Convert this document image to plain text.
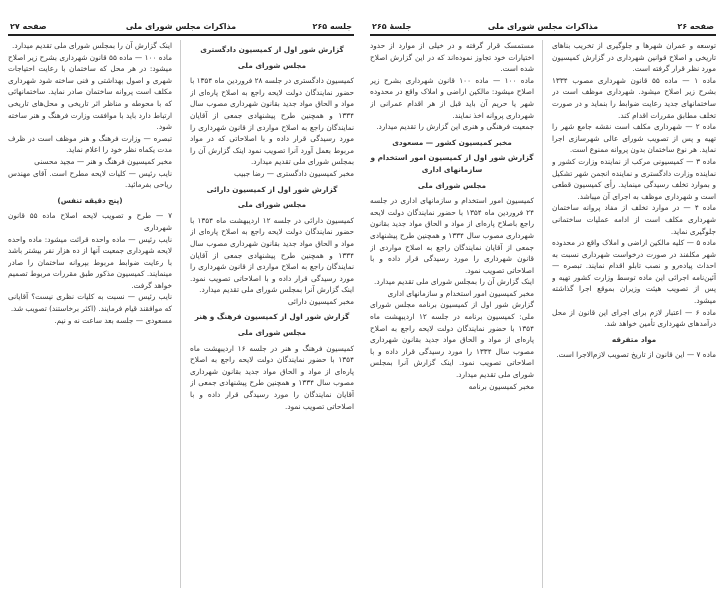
جلسه ۲۶۵
مذاکرات مجلس شورای ملی
صفحه ۲۷

گزارش شور اول از کمیسیون دادگستری

مجلس شورای ملی

کمیسیون دادگستری در جلسه ۲۸ فروردین ماه ۱۳۵۴ با حضور نمایندگان دولت لایحه راجع به اصلاح پاره‌ای از مواد و الحاق مواد جدید بقانون شهرداری مصوب سال ۱۳۳۴ و همچنین طرح پیشنهادی جمعی از آقایان نمایندگان راجع به اصلاح مواردی از قانون شهرداری را مورد رسیدگی قرار داده و با اصلاحاتی که در مواد مربوط بعمل آورد آنرا تصویب نمود اینک گزارش آن را بمجلس شورای ملی تقدیم میدارد.

مخبر کمیسیون دادگستری — رضا جبیب

گزارش شور اول از کمیسیون دارائی

مجلس شورای ملی

کمیسیون دارائی در جلسه ۱۲ اردیبهشت ماه ۱۳۵۴ با حضور نمایندگان دولت لایحه راجع به اصلاح پاره‌ای از مواد و الحاق مواد جدید بقانون شهرداری مصوب سال ۱۳۳۴ و همچنین طرح پیشنهادی جمعی از آقایان نمایندگان راجع به اصلاح مواردی از قانون شهرداری را مورد رسیدگی قرار داده و با اصلاحاتی تصویب نمود. اینک گزارش آنرا بمجلس شورای ملی تقدیم میدارد.

مخبر کمیسیون دارائی

گزارش شور اول از کمیسیون فرهنگ و هنر

مجلس شورای ملی

کمیسیون فرهنگ و هنر در جلسه ۱۶ اردیبهشت ماه ۱۳۵۴ با حضور نمایندگان دولت لایحه راجع به اصلاح پاره‌ای از مواد و الحاق مواد جدید بقانون شهرداری مصوب سال ۱۳۳۴ و همچنین طرح پیشنهادی جمعی از آقایان نمایندگان را مورد رسیدگی قرار داده و با اصلاحاتی تصویب نمود.

اینک گزارش آن را بمجلس شورای ملی تقدیم میدارد.

ماده ۱۰۰ — ماده ۵۵ قانون شهرداری بشرح زیر اصلاح میشود: در هر محل که ساختمان با رعایت احتیاجات شهری و اصول بهداشتی و فنی ساخته شود شهرداری مکلف است پروانه ساختمان صادر نماید. ساختمانهائی که با محوطه و مناظر اثر تاریخی و محل‌های تاریخی ارتباط دارد باید با موافقت وزارت فرهنگ و هنر ساخته شود.

تبصره — وزارت فرهنگ و هنر موظف است در ظرف مدت یکماه نظر خود را اعلام نماید.

مخبر کمیسیون فرهنگ و هنر — مجید محسنی

نایب رئیس — کلیات لایحه مطرح است. آقای مهندس ریاحی بفرمائید.

(پنج دقیقه تنفس)

۷ — طرح و تصویب لایحه اصلاح ماده ۵۵ قانون شهرداری

نایب رئیس — ماده واحده قرائت میشود: ماده واحده لایحه شهرداری جمعیت آنها از ده هزار نفر بیشتر باشد با رعایت ضوابط مربوط بپروانه ساختمان را صادر مینمایند. کمیسیون مذکور طبق مقررات مربوط تصمیم خواهد گرفت.

نایب رئیس — نسبت به کلیات نظری نیست؟ آقایانی که موافقند قیام فرمایند. (اکثر برخاستند) تصویب شد.

مسعودی — جلسه بعد ساعت نه و نیم.

صفحه ۲۶
مذاکرات مجلس شورای ملی
جلسهٔ ۲۶۵

توسعه و عمران شهرها و جلوگیری از تخریب بناهای تاریخی و اصلاح قوانین شهرداری در گزارش کمیسیون مورد نظر قرار گرفته است.

ماده ۱ — ماده ۵۵ قانون شهرداری مصوب ۱۳۳۴ بشرح زیر اصلاح میشود. شهرداری موظف است در ساختمانهای جدید رعایت ضوابط را بنماید و در صورت تخلف مطابق مقررات اقدام کند.

ماده ۲ — شهرداری مکلف است نقشه جامع شهر را تهیه و پس از تصویب شورای عالی شهرسازی اجرا نماید. هر نوع ساختمان بدون پروانه ممنوع است.

ماده ۳ — کمیسیونی مرکب از نماینده وزارت کشور و نماینده وزارت دادگستری و نماینده انجمن شهر تشکیل و بموارد تخلف رسیدگی مینماید. رأی کمیسیون قطعی است و شهرداری موظف به اجرای آن میباشد.

ماده ۴ — در موارد تخلف از مفاد پروانه ساختمان شهرداری مکلف است از ادامه عملیات ساختمانی جلوگیری نماید.

ماده ۵ — کلیه مالکین اراضی و املاک واقع در محدوده شهر مکلفند در صورت درخواست شهرداری نسبت به احداث پیاده‌رو و نصب تابلو اقدام نمایند. تبصره — آئین‌نامه اجرائی این ماده توسط وزارت کشور تهیه و پس از تصویب هیئت وزیران بموقع اجرا گذاشته میشود.

ماده ۶ — اعتبار لازم برای اجرای این قانون از محل درآمدهای شهرداری تأمین خواهد شد.

مواد متفرقه

ماده ۷ — این قانون از تاریخ تصویب لازم‌الاجرا است.

مستمسک قرار گرفته و در خیلی از موارد از حدود اختیارات خود تجاوز نموده‌اند که در این گزارش اصلاح شده است.

ماده ۱۰۰ — ماده ۱۰۰ قانون شهرداری بشرح زیر اصلاح میشود: مالکین اراضی و املاک واقع در محدوده شهر یا حریم آن باید قبل از هر اقدام عمرانی از شهرداری پروانه اخذ نمایند.

جمعیت فرهنگی و هنری این گزارش را تقدیم میدارد.

مخبر کمیسیون کشور — مسعودی

گزارش شور اول از کمیسیون امور استخدام و سازمانهای اداری

مجلس شورای ملی

کمیسیون امور استخدام و سازمانهای اداری در جلسه ۲۴ فروردین ماه ۱۳۵۴ با حضور نمایندگان دولت لایحه راجع باصلاح پاره‌ای از مواد و الحاق مواد جدید بقانون شهرداری مصوب سال ۱۳۳۴ و همچنین طرح پیشنهادی جمعی از آقایان نمایندگان راجع به اصلاح مواردی از قانون شهرداری را مورد رسیدگی قرار داده و با اصلاحاتی تصویب نمود.

اینک گزارش آن را بمجلس شورای ملی تقدیم میدارد.

مخبر کمیسیون امور استخدام و سازمانهای اداری

گزارش شور اول از کمیسیون برنامه مجلس شورای ملی: کمیسیون برنامه در جلسه ۱۲ اردیبهشت ماه ۱۳۵۴ با حضور نمایندگان دولت لایحه راجع به اصلاح پاره‌ای از مواد و الحاق مواد جدید بقانون شهرداری مصوب سال ۱۳۳۴ را مورد رسیدگی قرار داده و با اصلاحاتی تصویب نمود. اینک گزارش آنرا بمجلس شورای ملی تقدیم میدارد.

مخبر کمیسیون برنامه
